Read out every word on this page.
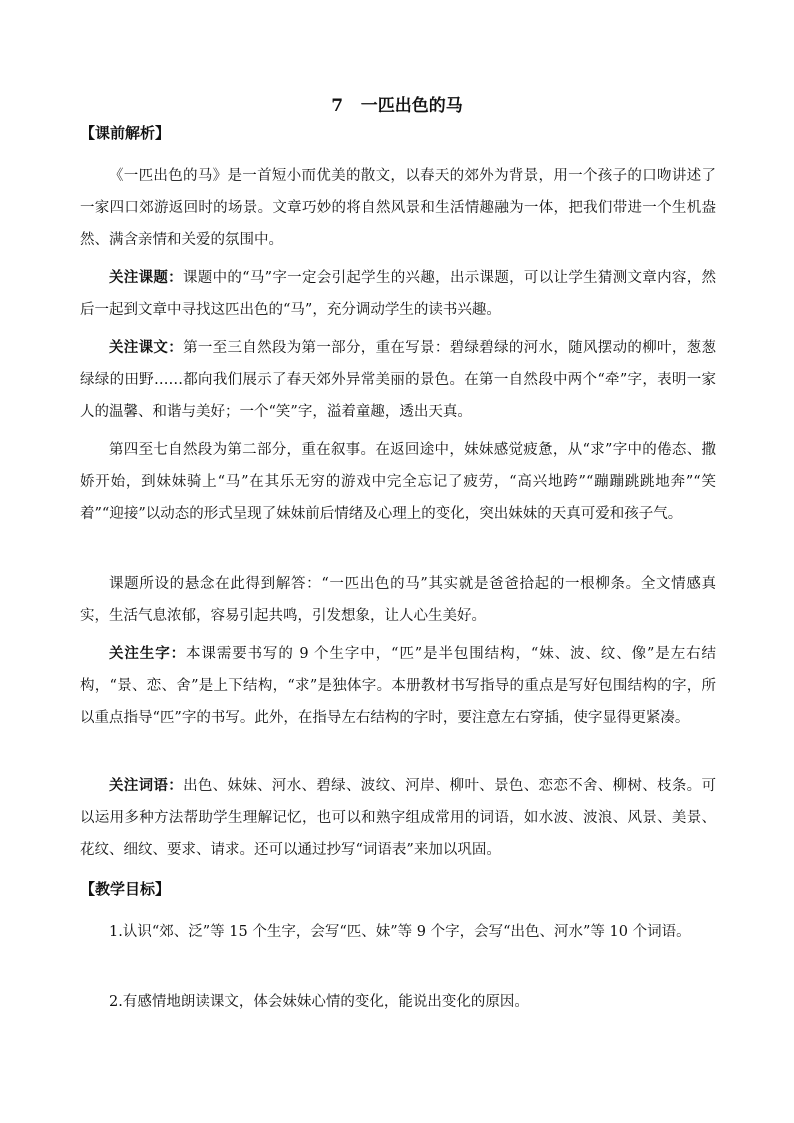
7   一匹出色的马
【课前解析】

《一匹出色的马》是一首短小而优美的散文，以春天的郊外为背景，用一个孩子的口吻讲述了一家四口郊游返回时的场景。文章巧妙的将自然风景和生活情趣融为一体，把我们带进一个生机盎然、满含亲情和关爱的氛围中。

关注课题：课题中的“马”字一定会引起学生的兴趣，出示课题，可以让学生猜测文章内容，然后一起到文章中寻找这匹出色的“马”，充分调动学生的读书兴趣。

关注课文：第一至三自然段为第一部分，重在写景：碧绿碧绿的河水，随风摆动的柳叶，葱葱绿绿的田野……都向我们展示了春天郊外异常美丽的景色。在第一自然段中两个“牵”字，表明一家人的温馨、和谐与美好；一个“笑”字，溢着童趣，透出天真。

第四至七自然段为第二部分，重在叙事。在返回途中，妹妹感觉疲惫，从“求”字中的倦态、撒娇开始，到妹妹骑上“马”在其乐无穷的游戏中完全忘记了疲劳，“高兴地跨”“蹦蹦跳跳地奔”“笑着”“迎接”以动态的形式呈现了妹妹前后情绪及心理上的变化，突出妹妹的天真可爱和孩子气。

课题所设的悬念在此得到解答：“一匹出色的马”其实就是爸爸拾起的一根柳条。全文情感真实，生活气息浓郁，容易引起共鸣，引发想象，让人心生美好。

关注生字：本课需要书写的 9 个生字中，“匹”是半包围结构，“妹、波、纹、像”是左右结构，“景、恋、舍”是上下结构，“求”是独体字。本册教材书写指导的重点是写好包围结构的字，所以重点指导“匹”字的书写。此外，在指导左右结构的字时，要注意左右穿插，使字显得更紧凑。

关注词语：出色、妹妹、河水、碧绿、波纹、河岸、柳叶、景色、恋恋不舍、柳树、枝条。可以运用多种方法帮助学生理解记忆，也可以和熟字组成常用的词语，如水波、波浪、风景、美景、花纹、细纹、要求、请求。还可以通过抄写“词语表”来加以巩固。

【教学目标】

1.认识“郊、泛”等 15 个生字，会写“匹、妹”等 9 个字，会写“出色、河水”等 10 个词语。

2.有感情地朗读课文，体会妹妹心情的变化，能说出变化的原因。
